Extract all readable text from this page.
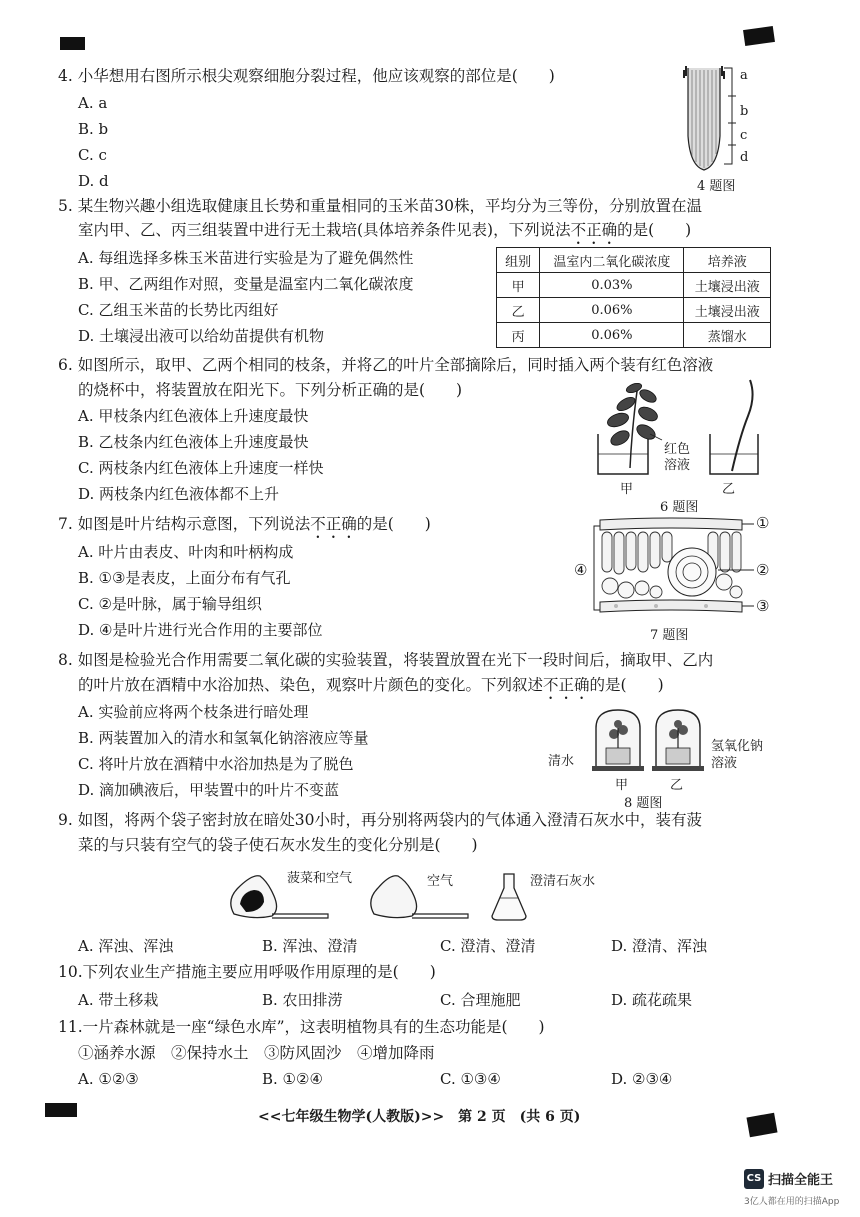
4. 小华想用右图所示根尖观察细胞分裂过程，他应该观察的部位是(　　)
A. a
B. b
C. c
D. d
a
b
c
d
4 题图
5. 某生物兴趣小组选取健康且长势和重量相同的玉米苗30株，平均分为三等份，分别放置在温
室内甲、乙、丙三组装置中进行无土栽培(具体培养条件见表)，下列说法不正确的是(　　)
A. 每组选择多株玉米苗进行实验是为了避免偶然性
B. 甲、乙两组作对照，变量是温室内二氧化碳浓度
C. 乙组玉米苗的长势比丙组好
D. 土壤浸出液可以给幼苗提供有机物
组别	温室内二氧化碳浓度	培养液
甲	0.03%	土壤浸出液
乙	0.06%	土壤浸出液
丙	0.06%	蒸馏水
6. 如图所示，取甲、乙两个相同的枝条，并将乙的叶片全部摘除后，同时插入两个装有红色溶液
的烧杯中，将装置放在阳光下。下列分析正确的是(　　)
A. 甲枝条内红色液体上升速度最快
B. 乙枝条内红色液体上升速度最快
C. 两枝条内红色液体上升速度一样快
D. 两枝条内红色液体都不上升
红色溶液
甲	乙
6 题图
7. 如图是叶片结构示意图，下列说法不正确的是(　　)
A. 叶片由表皮、叶肉和叶柄构成
B. ①③是表皮，上面分布有气孔
C. ②是叶脉，属于输导组织
D. ④是叶片进行光合作用的主要部位
①
②
③
④
7 题图
8. 如图是检验光合作用需要二氧化碳的实验装置，将装置放置在光下一段时间后，摘取甲、乙内
的叶片放在酒精中水浴加热、染色，观察叶片颜色的变化。下列叙述不正确的是(　　)
A. 实验前应将两个枝条进行暗处理
B. 两装置加入的清水和氢氧化钠溶液应等量
C. 将叶片放在酒精中水浴加热是为了脱色
D. 滴加碘液后，甲装置中的叶片不变蓝
清水
氢氧化钠溶液
甲	乙
8 题图
9. 如图，将两个袋子密封放在暗处30小时，再分别将两袋内的气体通入澄清石灰水中，装有菠
菜的与只装有空气的袋子使石灰水发生的变化分别是(　　)
菠菜和空气	空气	澄清石灰水
A. 浑浊、浑浊	B. 浑浊、澄清	C. 澄清、澄清	D. 澄清、浑浊
10.下列农业生产措施主要应用呼吸作用原理的是(　　)
A. 带土移栽	B. 农田排涝	C. 合理施肥	D. 疏花疏果
11.一片森林就是一座“绿色水库”，这表明植物具有的生态功能是(　　)
①涵养水源　②保持水土　③防风固沙　④增加降雨
A. ①②③	B. ①②④	C. ①③④	D. ②③④
<<七年级生物学(人教版)>>　第 2 页　(共 6 页)
CS 扫描全能王
3亿人都在用的扫描App
